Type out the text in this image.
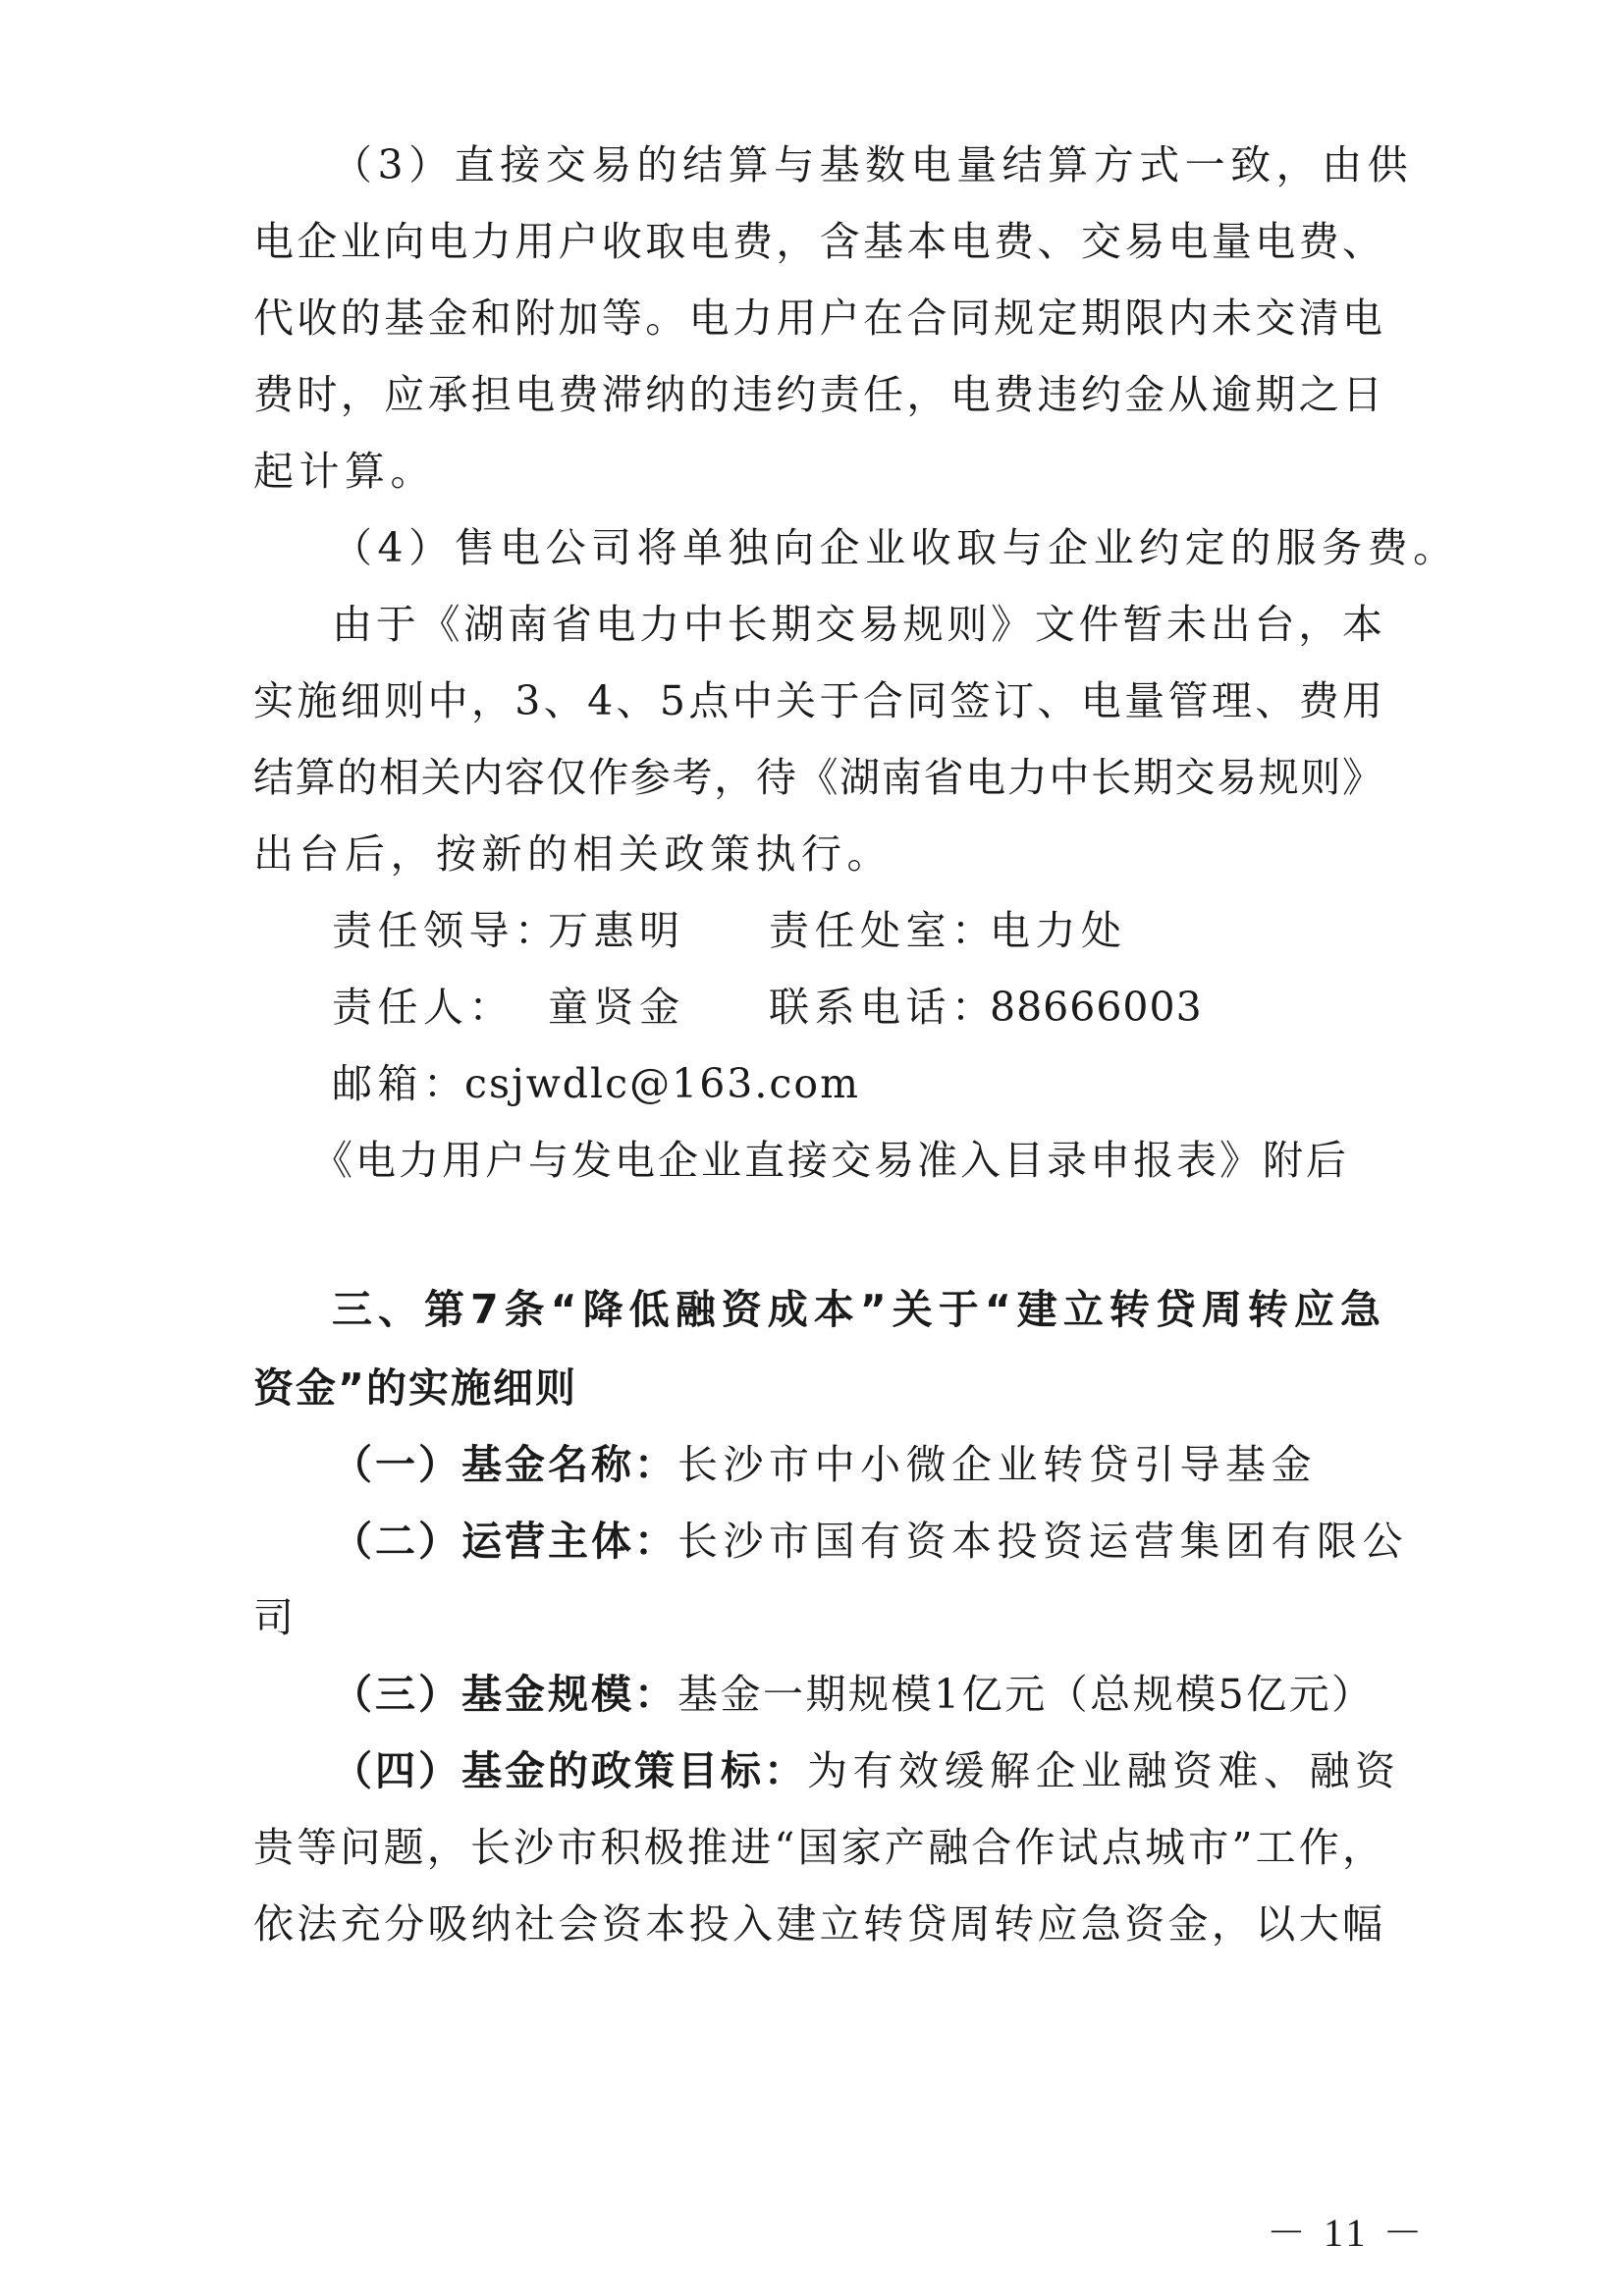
（3）直接交易的结算与基数电量结算方式一致，由供
电企业向电力用户收取电费，含基本电费、交易电量电费、
代收的基金和附加等。电力用户在合同规定期限内未交清电
费时，应承担电费滞纳的违约责任，电费违约金从逾期之日
起计算。
（4）售电公司将单独向企业收取与企业约定的服务费。
由于《湖南省电力中长期交易规则》文件暂未出台，本
实施细则中，3、4、5点中关于合同签订、电量管理、费用
结算的相关内容仅作参考，待《湖南省电力中长期交易规则》
出台后，按新的相关政策执行。
责任领导：
万惠明 责任处室：
电力处
责任人： 童贤金 联系电话：
88666003
邮箱：
csjwdlc@163.com
《电力用户与发电企业直接交易准入目录申报表》附后
三、第7条“降低融资成本”关于“建立转贷周转应急
资金”的实施细则
（一）基金名称：长沙市中小微企业转贷引导基金
（二）运营主体：长沙市国有资本投资运营集团有限公
司
（三）基金规模：基金一期规模1亿元（总规模5亿元）
（四）基金的政策目标：为有效缓解企业融资难、融资
贵等问题，长沙市积极推进“国家产融合作试点城市”工作，
依法充分吸纳社会资本投入建立转贷周转应急资金，以大幅
－ 11 －
